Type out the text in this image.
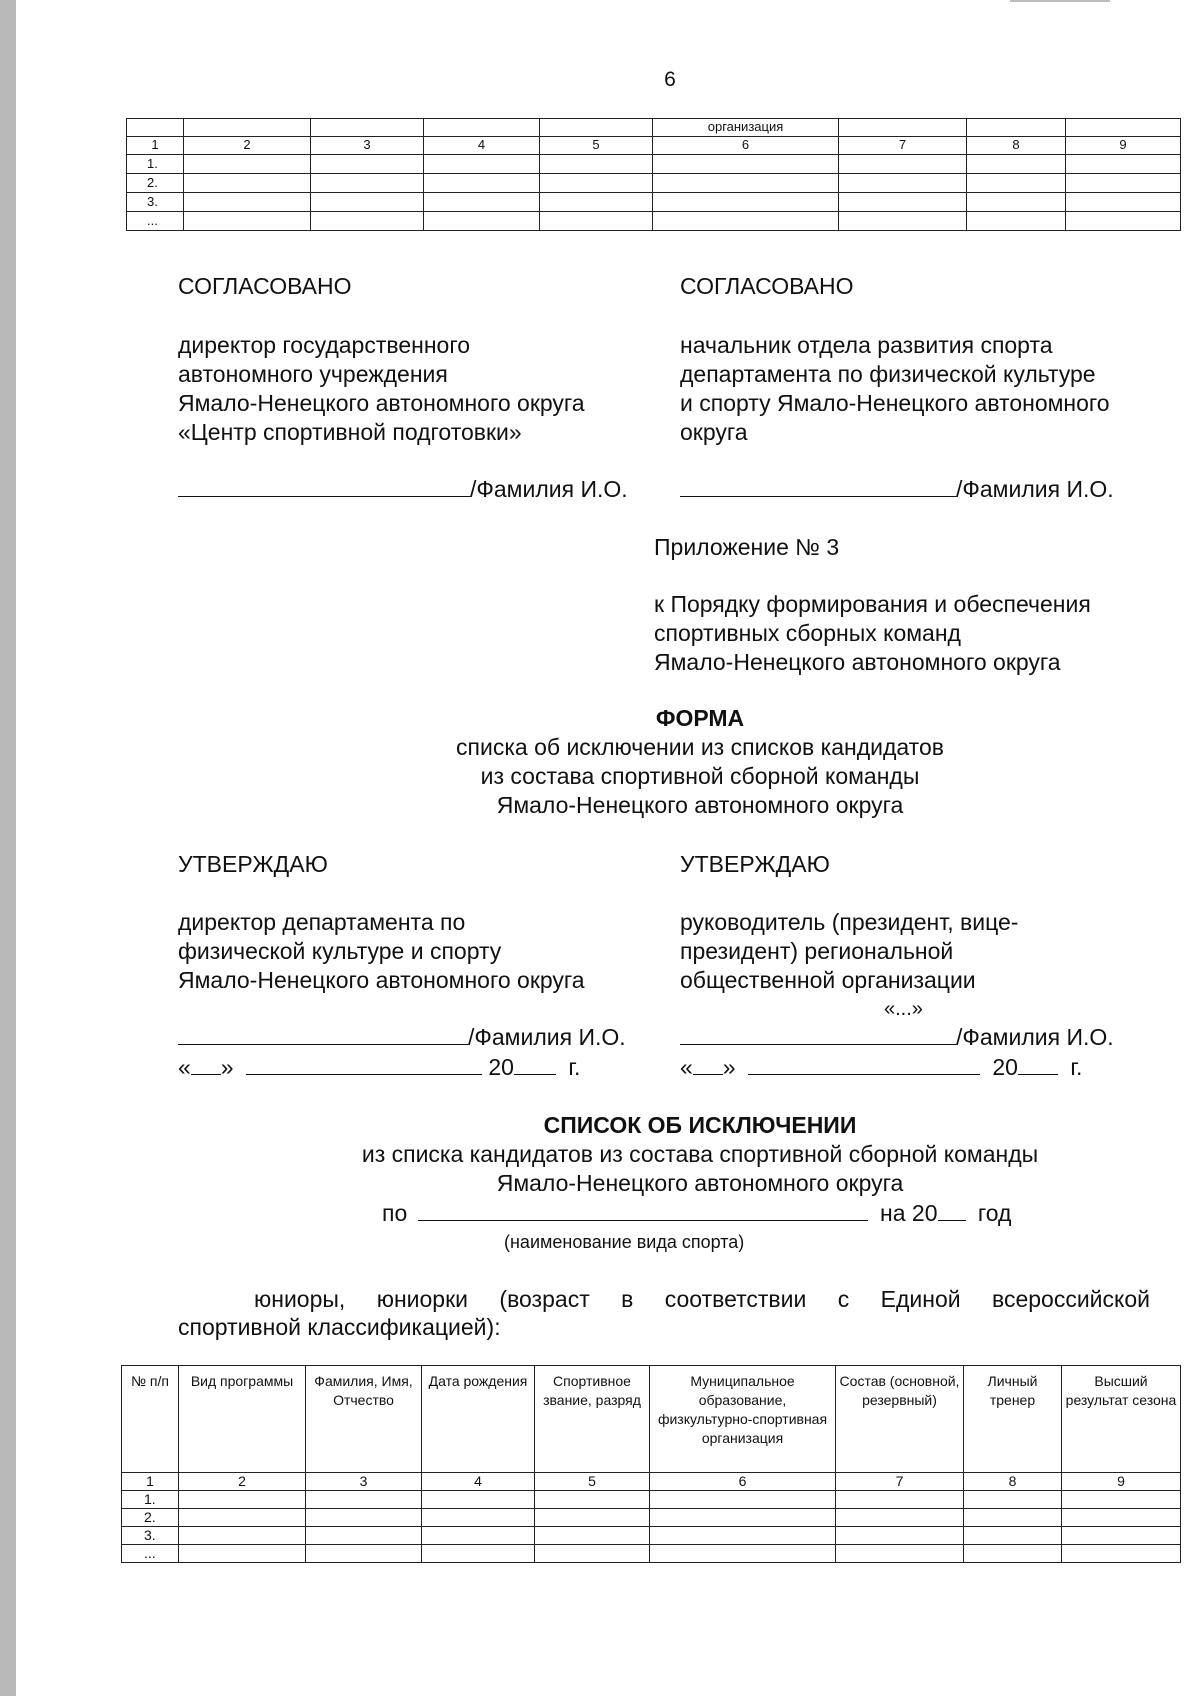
6
					организация			
1	2	3	4	5	6	7	8	9
1.								
2.								
3.								
...								
СОГЛАСОВАНО
директор государственного
автономного учреждения
Ямало-Ненецкого автономного округа
«Центр спортивной подготовки»
/Фамилия И.О.
СОГЛАСОВАНО
начальник отдела развития спорта
департамента по физической культуре
и спорту Ямало-Ненецкого автономного
округа
/Фамилия И.О.
Приложение № 3
к Порядку формирования и обеспечения
спортивных сборных команд
Ямало-Ненецкого автономного округа
ФОРМА
списка об исключении из списков кандидатов
из состава спортивной сборной команды
Ямало-Ненецкого автономного округа
УТВЕРЖДАЮ
директор департамента по
физической культуре и спорту
Ямало-Ненецкого автономного округа
/Фамилия И.О.
« »	20 г.
УТВЕРЖДАЮ
руководитель (президент, вице-
президент) региональной
общественной организации
«...»
/Фамилия И.О.
« »	20 г.
СПИСОК ОБ ИСКЛЮЧЕНИИ
из списка кандидатов из состава спортивной сборной команды
Ямало-Ненецкого автономного округа
по	на 20 год
(наименование вида спорта)
юниоры, юниорки (возраст в соответствии с Единой всероссийской
спортивной классификацией):
№ п/п	Вид программы	Фамилия, Имя, Отчество	Дата рождения	Спортивное звание, разряд	Муниципальное образование, физкультурно-спортивная организация	Состав (основной, резервный)	Личный тренер	Высший результат сезона
1	2	3	4	5	6	7	8	9
1.								
2.								
3.								
...								
